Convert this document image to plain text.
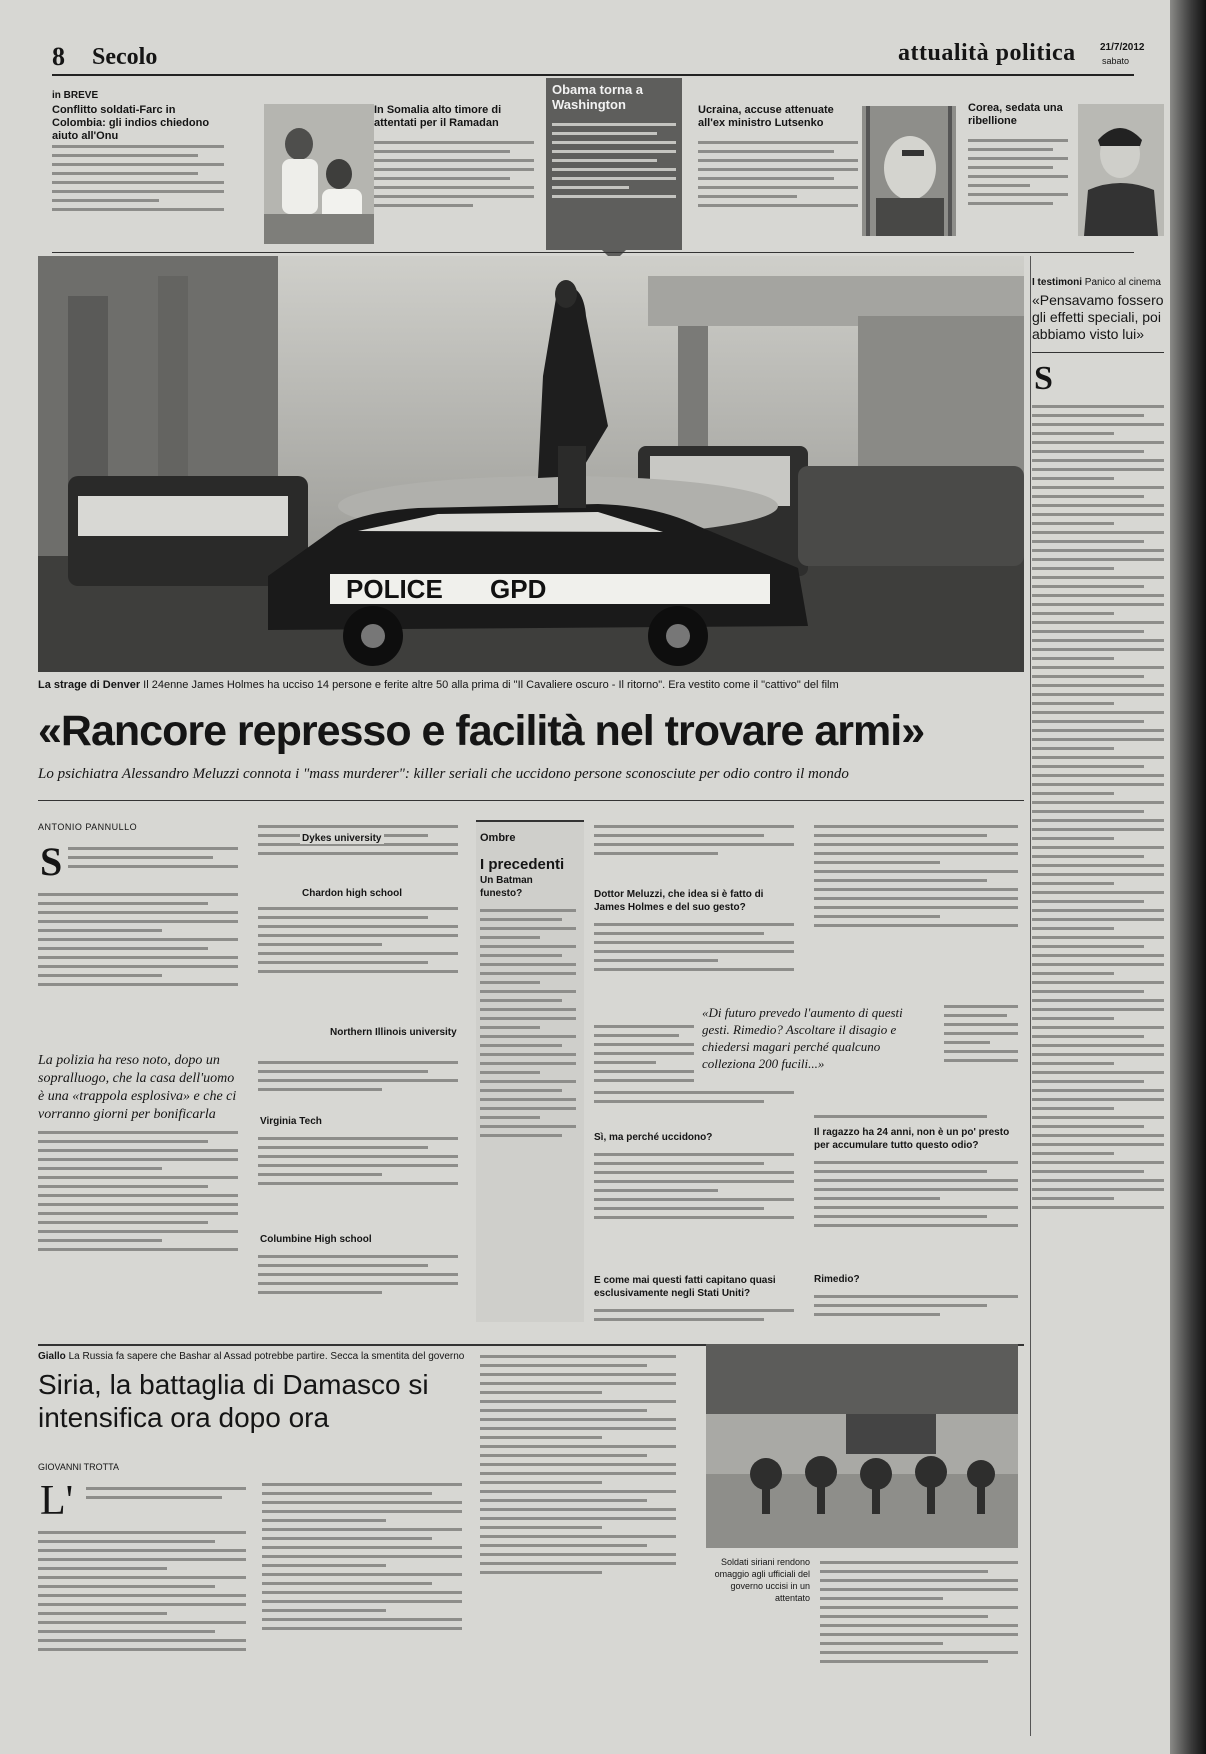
8 Secolo	attualità politica 21/7/2012
sabato
in BREVE
Conflitto soldati-Farc in Colombia: gli indios chiedono aiuto all'Onu
In Somalia alto timore di attentati per il Ramadan
Obama torna a Washington	Ucraina, accuse attenuate all'ex ministro Lutsenko
Corea, sedata una ribellione
POLICE GPD
La strage di Denver Il 24enne James Holmes ha ucciso 14 persone e ferite altre 50 alla prima di "Il Cavaliere oscuro - Il ritorno". Era vestito come il "cattivo" del film
«Rancore represso e facilità nel trovare armi»
Lo psichiatra Alessandro Meluzzi connota i "mass murderer": killer seriali che uccidono persone sconosciute per odio contro il mondo
ANTONIO PANNULLO
S
La polizia ha reso noto, dopo un sopralluogo, che la casa dell'uomo è una «trappola esplosiva» e che ci vorranno giorni per bonificarla
Dykes university
Chardon high school
Northern Illinois university
Virginia Tech
Columbine High school
Ombre
I precedenti
Un Batman funesto?	Dottor Meluzzi, che idea si è fatto di James Holmes e del suo gesto?
«Di futuro prevedo l'aumento di questi gesti. Rimedio? Ascoltare il disagio e chiedersi magari perché qualcuno colleziona 200 fucili...»
Sì, ma perché uccidono?
E come mai questi fatti capitano quasi esclusivamente negli Stati Uniti?
Il ragazzo ha 24 anni, non è un po' presto per accumulare tutto questo odio?
Rimedio?
I testimoni Panico al cinema
«Pensavamo fossero gli effetti speciali, poi abbiamo visto lui»
S
Giallo La Russia fa sapere che Bashar al Assad potrebbe partire. Secca la smentita del governo
Siria, la battaglia di Damasco si intensifica ora dopo ora
GIOVANNI TROTTA
L'
Soldati siriani rendono omaggio agli ufficiali del governo uccisi in un attentato
